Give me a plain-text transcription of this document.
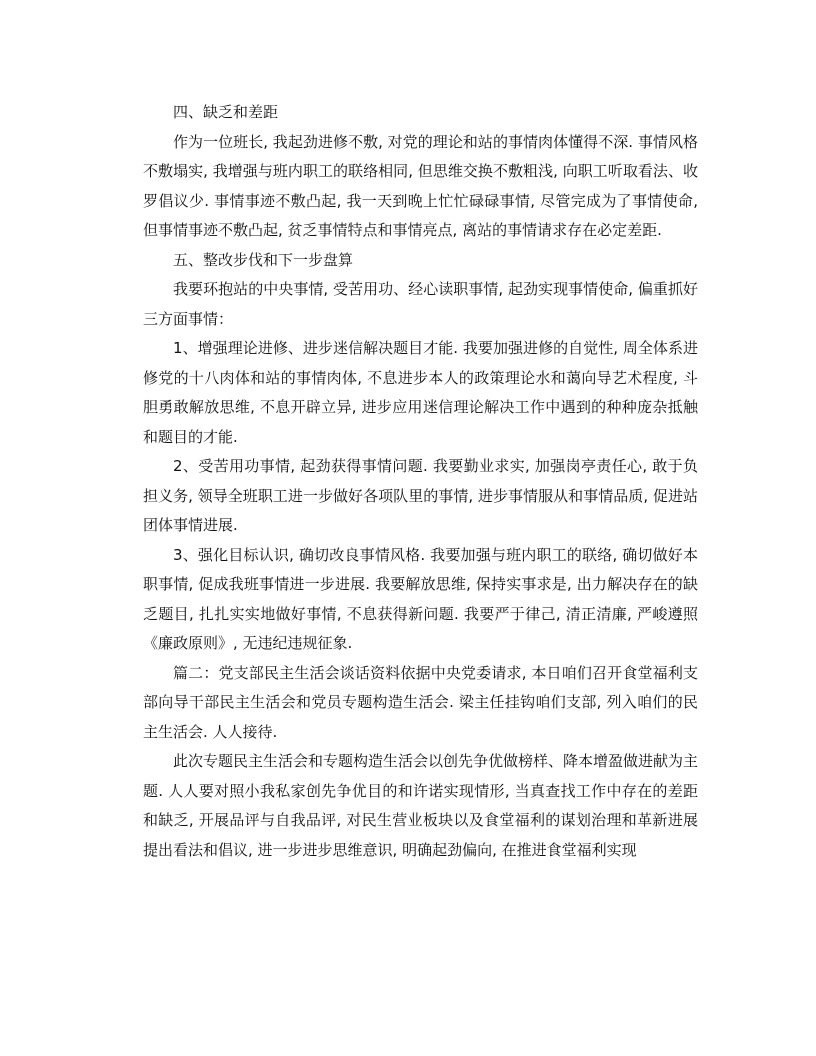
四、缺乏和差距

作为一位班长, 我起劲进修不敷, 对党的理论和站的事情肉体懂得不深. 事情风格不敷塌实, 我增强与班内职工的联络相同, 但思维交换不敷粗浅, 向职工听取看法、收罗倡议少. 事情事迹不敷凸起, 我一天到晚上忙忙碌碌事情, 尽管完成为了事情使命, 但事情事迹不敷凸起, 贫乏事情特点和事情亮点, 离站的事情请求存在必定差距.

五、整改步伐和下一步盘算

我要环抱站的中央事情, 受苦用功、经心读职事情, 起劲实现事情使命, 偏重抓好三方面事情：

1、增强理论进修、进步迷信解决题目才能. 我要加强进修的自觉性, 周全体系进修党的十八肉体和站的事情肉体, 不息进步本人的政策理论水和蔼向导艺术程度, 斗胆勇敢解放思维, 不息开辟立异, 进步应用迷信理论解决工作中遇到的种种庞杂抵触和题目的才能.

2、受苦用功事情, 起劲获得事情问题. 我要勤业求实, 加强岗亭责任心, 敢于负担义务, 领导全班职工进一步做好各项队里的事情, 进步事情服从和事情品质, 促进站团体事情进展.

3、强化目标认识, 确切改良事情风格. 我要加强与班内职工的联络, 确切做好本职事情, 促成我班事情进一步进展. 我要解放思维, 保持实事求是, 出力解决存在的缺乏题目, 扎扎实实地做好事情, 不息获得新问题. 我要严于律己, 清正清廉, 严峻遵照《廉政原则》, 无违纪违规征象.

篇二：党支部民主生活会谈话资料依据中央党委请求, 本日咱们召开食堂福利支部向导干部民主生活会和党员专题构造生活会. 梁主任挂钩咱们支部, 列入咱们的民主生活会. 人人接待.

此次专题民主生活会和专题构造生活会以创先争优做榜样、降本增盈做进献为主题. 人人要对照小我私家创先争优目的和许诺实现情形, 当真查找工作中存在的差距和缺乏, 开展品评与自我品评, 对民生营业板块以及食堂福利的谋划治理和革新进展提出看法和倡议, 进一步进步思维意识, 明确起劲偏向, 在推进食堂福利实现
